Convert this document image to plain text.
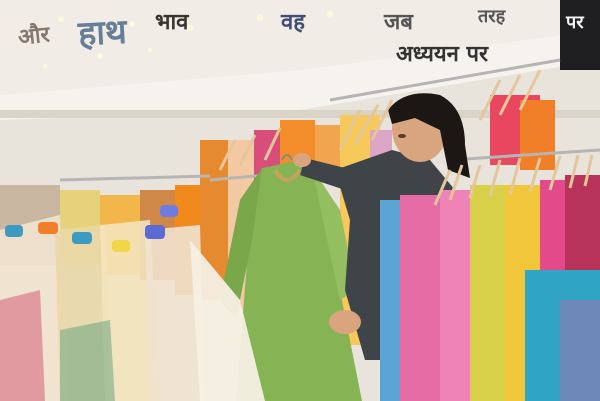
और हाथ भाव	वह	जब	तरह
अध्ययन पर
पर
